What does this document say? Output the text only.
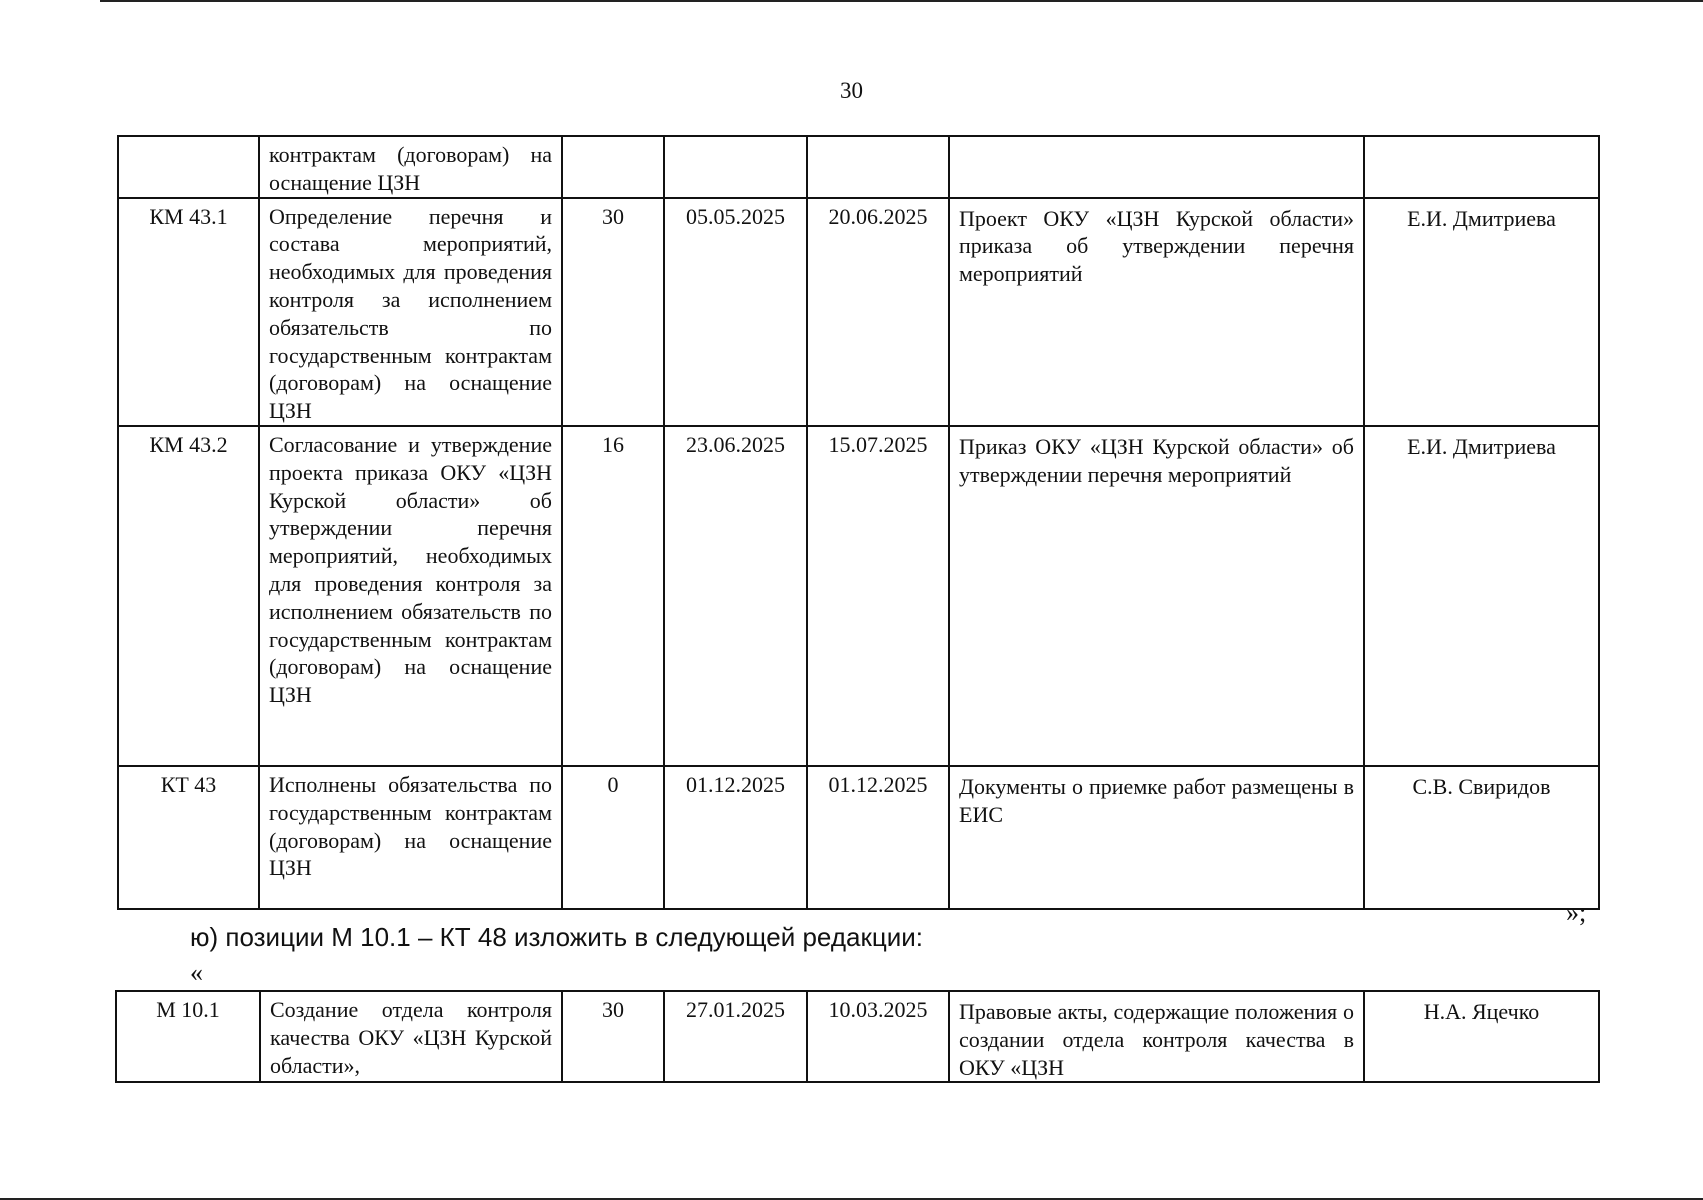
30
	контрактам (договорам) на оснащение ЦЗН					
КМ 43.1	Определение перечня и состава мероприятий, необходимых для проведения контроля за исполнением обязательств по государственным контрактам (договорам) на оснащение ЦЗН	30	05.05.2025	20.06.2025	Проект ОКУ «ЦЗН Курской области» приказа об утверждении перечня мероприятий	Е.И. Дмитриева
КМ 43.2	Согласование и утверждение проекта приказа ОКУ «ЦЗН Курской области» об утверждении перечня мероприятий, необходимых для проведения контроля за исполнением обязательств по государственным контрактам (договорам) на оснащение ЦЗН	16	23.06.2025	15.07.2025	Приказ ОКУ «ЦЗН Курской области» об утверждении перечня мероприятий	Е.И. Дмитриева
КТ 43	Исполнены обязательства по государственным контрактам (договорам) на оснащение ЦЗН	0	01.12.2025	01.12.2025	Документы о приемке работ размещены в ЕИС	С.В. Свиридов
»;
ю) позиции М 10.1 – КТ 48 изложить в следующей редакции:
«
М 10.1	Создание отдела контроля качества ОКУ «ЦЗН Курской области»,	30	27.01.2025	10.03.2025	Правовые акты, содержащие положения о создании отдела контроля качества в ОКУ «ЦЗН	Н.А. Яцечко
